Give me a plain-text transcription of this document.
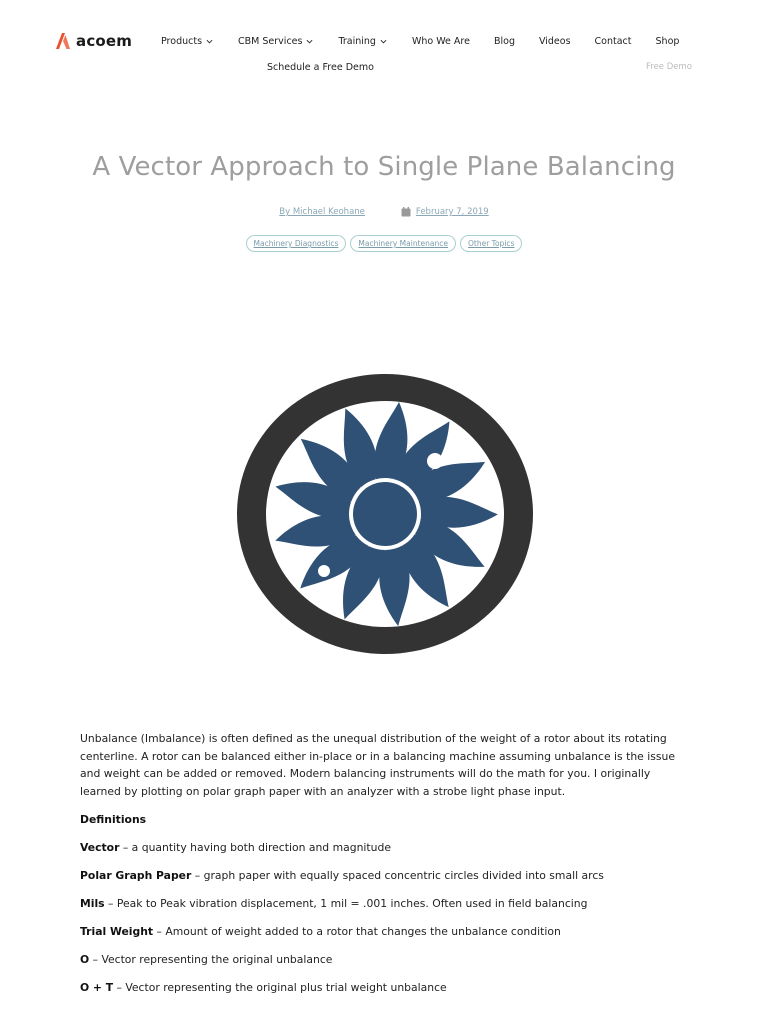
acoem	Products	CBM Services	Training	Who We Are	Blog	Videos	Contact	Shop
Schedule a Free Demo	Free Demo
A Vector Approach to Single Plane Balancing
By Michael Keohane	February 7, 2019
Machinery Diagnostics	Machinery Maintenance	Other Topics

Unbalance (Imbalance) is often defined as the unequal distribution of the weight of a rotor about its rotating centerline. A rotor can be balanced either in-place or in a balancing machine assuming unbalance is the issue and weight can be added or removed. Modern balancing instruments will do the math for you. I originally learned by plotting on polar graph paper with an analyzer with a strobe light phase input.

Definitions

Vector – a quantity having both direction and magnitude

Polar Graph Paper – graph paper with equally spaced concentric circles divided into small arcs

Mils – Peak to Peak vibration displacement, 1 mil = .001 inches. Often used in field balancing

Trial Weight – Amount of weight added to a rotor that changes the unbalance condition

O – Vector representing the original unbalance

O + T – Vector representing the original plus trial weight unbalance
